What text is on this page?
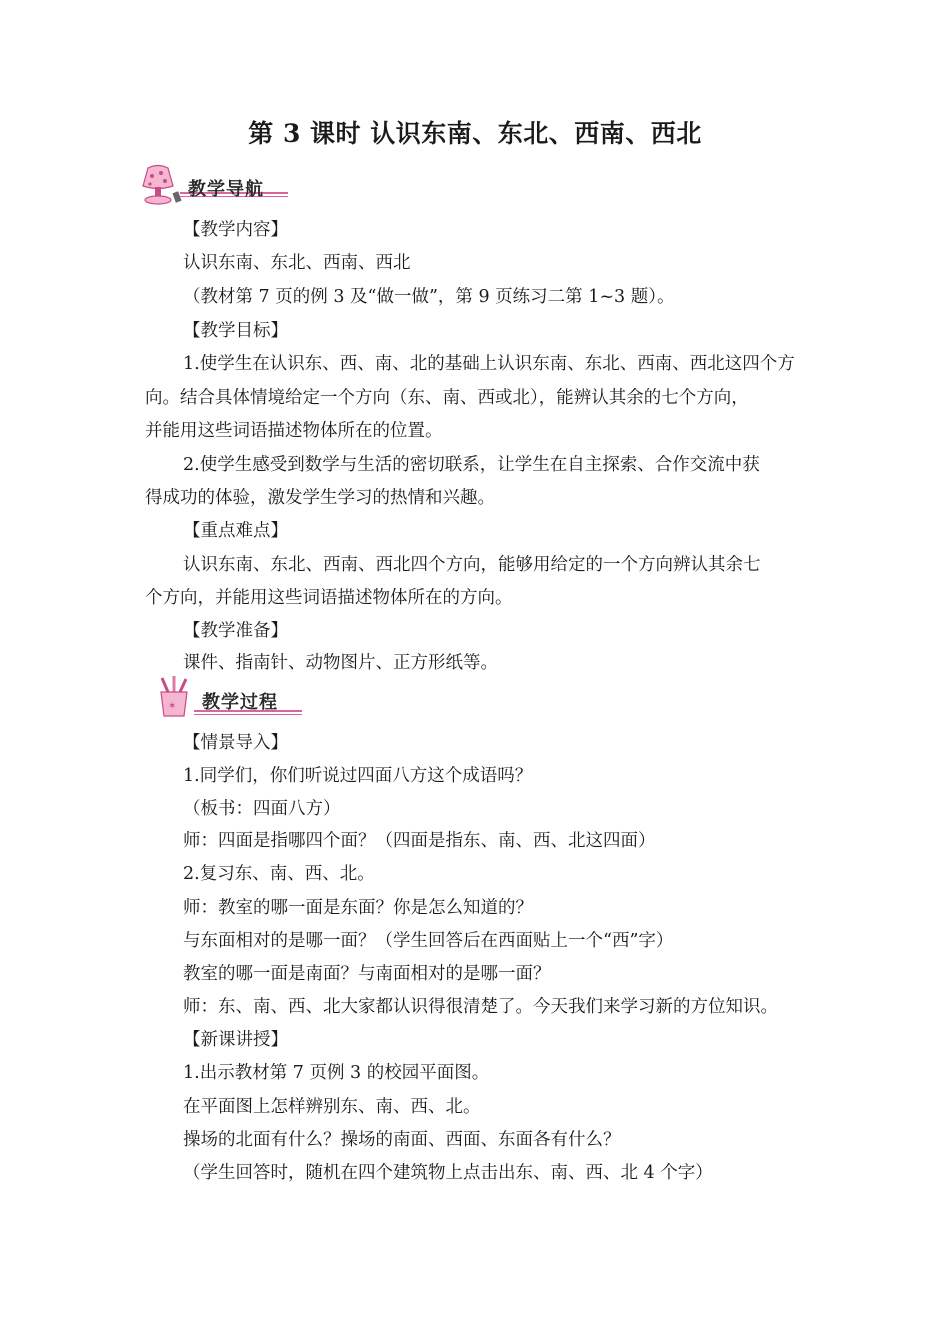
第 3 课时 认识东南、东北、西南、西北
教学导航
✶ 教学过程
【教学内容】
认识东南、东北、西南、西北
（教材第 7 页的例 3 及“做一做”，第 9 页练习二第 1~3 题）。
【教学目标】
1.使学生在认识东、西、南、北的基础上认识东南、东北、西南、西北这四个方
向。结合具体情境给定一个方向（东、南、西或北），能辨认其余的七个方向，
并能用这些词语描述物体所在的位置。
2.使学生感受到数学与生活的密切联系，让学生在自主探索、合作交流中获
得成功的体验，激发学生学习的热情和兴趣。
【重点难点】
认识东南、东北、西南、西北四个方向，能够用给定的一个方向辨认其余七
个方向，并能用这些词语描述物体所在的方向。
【教学准备】
课件、指南针、动物图片、正方形纸等。
【情景导入】
1.同学们，你们听说过四面八方这个成语吗？
（板书：四面八方）
师：四面是指哪四个面？（四面是指东、南、西、北这四面）
2.复习东、南、西、北。
师：教室的哪一面是东面？你是怎么知道的？
与东面相对的是哪一面？（学生回答后在西面贴上一个“西”字）
教室的哪一面是南面？与南面相对的是哪一面？
师：东、南、西、北大家都认识得很清楚了。今天我们来学习新的方位知识。
【新课讲授】
1.出示教材第 7 页例 3 的校园平面图。
在平面图上怎样辨别东、南、西、北。
操场的北面有什么？操场的南面、西面、东面各有什么？
（学生回答时，随机在四个建筑物上点击出东、南、西、北 4 个字）
